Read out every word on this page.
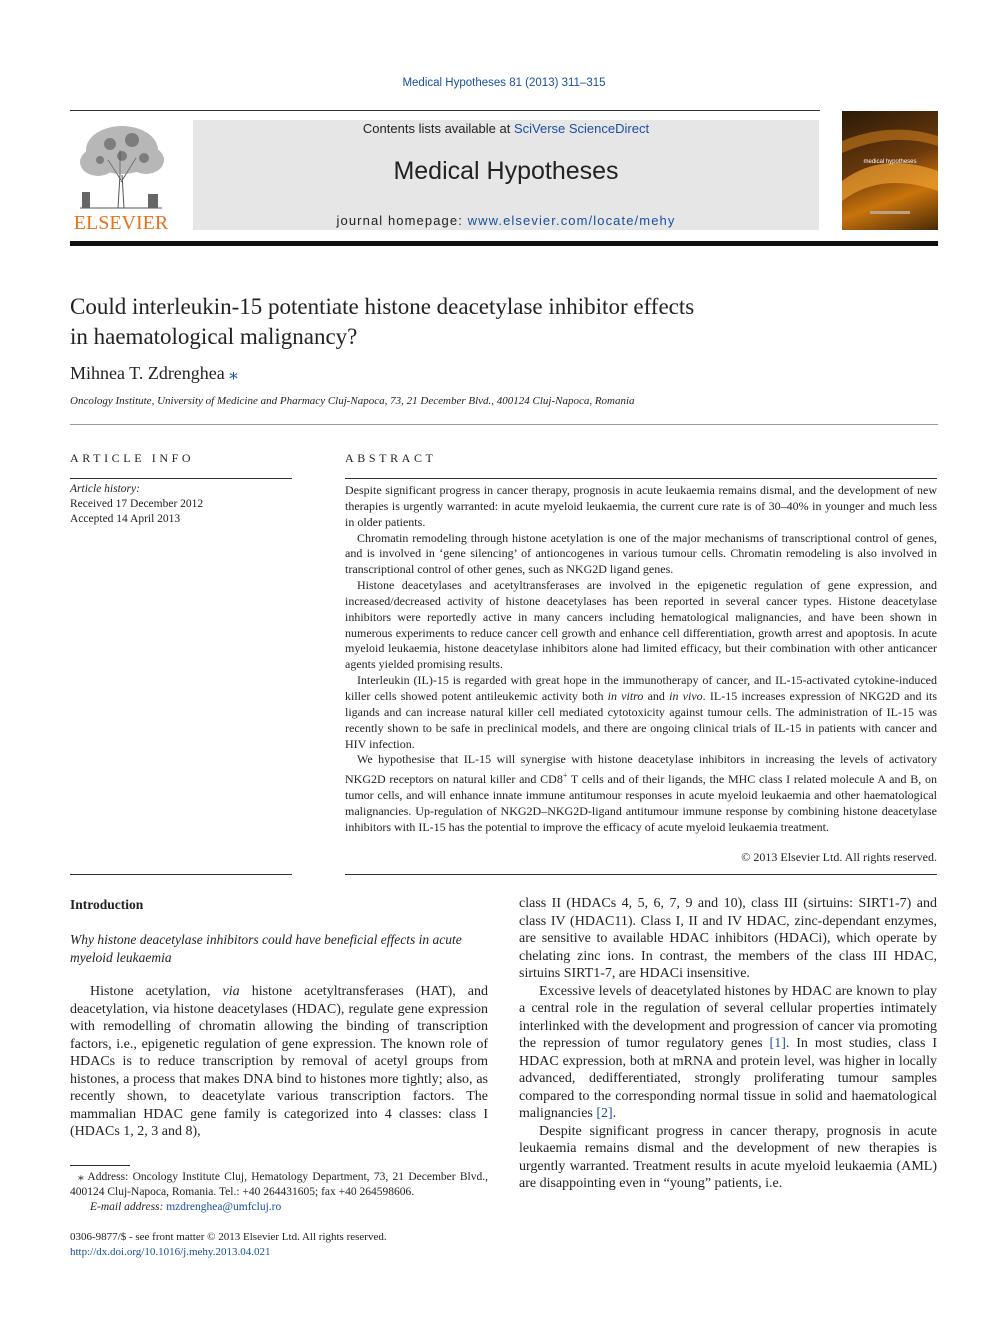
Medical Hypotheses 81 (2013) 311–315
ELSEVIER
Contents lists available at SciVerse ScienceDirect
Medical Hypotheses
journal homepage: www.elsevier.com/locate/mehy
medical hypotheses
Could interleukin-15 potentiate histone deacetylase inhibitor effects
in haematological malignancy?
Mihnea T. Zdrenghea ⁎
Oncology Institute, University of Medicine and Pharmacy Cluj-Napoca, 73, 21 December Blvd., 400124 Cluj-Napoca, Romania
ARTICLE INFO
Article history:
Received 17 December 2012
Accepted 14 April 2013
ABSTRACT

Despite significant progress in cancer therapy, prognosis in acute leukaemia remains dismal, and the development of new therapies is urgently warranted: in acute myeloid leukaemia, the current cure rate is of 30–40% in younger and much less in older patients.

Chromatin remodeling through histone acetylation is one of the major mechanisms of transcriptional control of genes, and is involved in ‘gene silencing’ of antioncogenes in various tumour cells. Chromatin remodeling is also involved in transcriptional control of other genes, such as NKG2D ligand genes.

Histone deacetylases and acetyltransferases are involved in the epigenetic regulation of gene expression, and increased/decreased activity of histone deacetylases has been reported in several cancer types. Histone deacetylase inhibitors were reportedly active in many cancers including hematological malignancies, and have been shown in numerous experiments to reduce cancer cell growth and enhance cell differentiation, growth arrest and apoptosis. In acute myeloid leukaemia, histone deacetylase inhibitors alone had limited efficacy, but their combination with other anticancer agents yielded promising results.

Interleukin (IL)-15 is regarded with great hope in the immunotherapy of cancer, and IL-15-activated cytokine-induced killer cells showed potent antileukemic activity both in vitro and in vivo. IL-15 increases expression of NKG2D and its ligands and can increase natural killer cell mediated cytotoxicity against tumour cells. The administration of IL-15 was recently shown to be safe in preclinical models, and there are ongoing clinical trials of IL-15 in patients with cancer and HIV infection.

We hypothesise that IL-15 will synergise with histone deacetylase inhibitors in increasing the levels of activatory NKG2D receptors on natural killer and CD8+ T cells and of their ligands, the MHC class I related molecule A and B, on tumor cells, and will enhance innate immune antitumour responses in acute myeloid leukaemia and other haematological malignancies. Up-regulation of NKG2D–NKG2D-ligand antitumour immune response by combining histone deacetylase inhibitors with IL-15 has the potential to improve the efficacy of acute myeloid leukaemia treatment.

© 2013 Elsevier Ltd. All rights reserved.
Introduction
Why histone deacetylase inhibitors could have beneficial effects in acute myeloid leukaemia

Histone acetylation, via histone acetyltransferases (HAT), and deacetylation, via histone deacetylases (HDAC), regulate gene expression with remodelling of chromatin allowing the binding of transcription factors, i.e., epigenetic regulation of gene expression. The known role of HDACs is to reduce transcription by removal of acetyl groups from histones, a process that makes DNA bind to histones more tightly; also, as recently shown, to deacetylate various transcription factors. The mammalian HDAC gene family is categorized into 4 classes: class I (HDACs 1, 2, 3 and 8),

class II (HDACs 4, 5, 6, 7, 9 and 10), class III (sirtuins: SIRT1-7) and class IV (HDAC11). Class I, II and IV HDAC, zinc-dependant enzymes, are sensitive to available HDAC inhibitors (HDACi), which operate by chelating zinc ions. In contrast, the members of the class III HDAC, sirtuins SIRT1-7, are HDACi insensitive.

Excessive levels of deacetylated histones by HDAC are known to play a central role in the regulation of several cellular properties intimately interlinked with the development and progression of cancer via promoting the repression of tumor regulatory genes [1]. In most studies, class I HDAC expression, both at mRNA and protein level, was higher in locally advanced, dedifferentiated, strongly proliferating tumour samples compared to the corresponding normal tissue in solid and haematological malignancies [2].

Despite significant progress in cancer therapy, prognosis in acute leukaemia remains dismal and the development of new therapies is urgently warranted. Treatment results in acute myeloid leukaemia (AML) are disappointing even in “young” patients, i.e.

⁎ Address: Oncology Institute Cluj, Hematology Department, 73, 21 December Blvd., 400124 Cluj-Napoca, Romania. Tel.: +40 264431605; fax +40 264598606.
E-mail address: mzdrenghea@umfcluj.ro
0306-9877/$ - see front matter © 2013 Elsevier Ltd. All rights reserved.
http://dx.doi.org/10.1016/j.mehy.2013.04.021
